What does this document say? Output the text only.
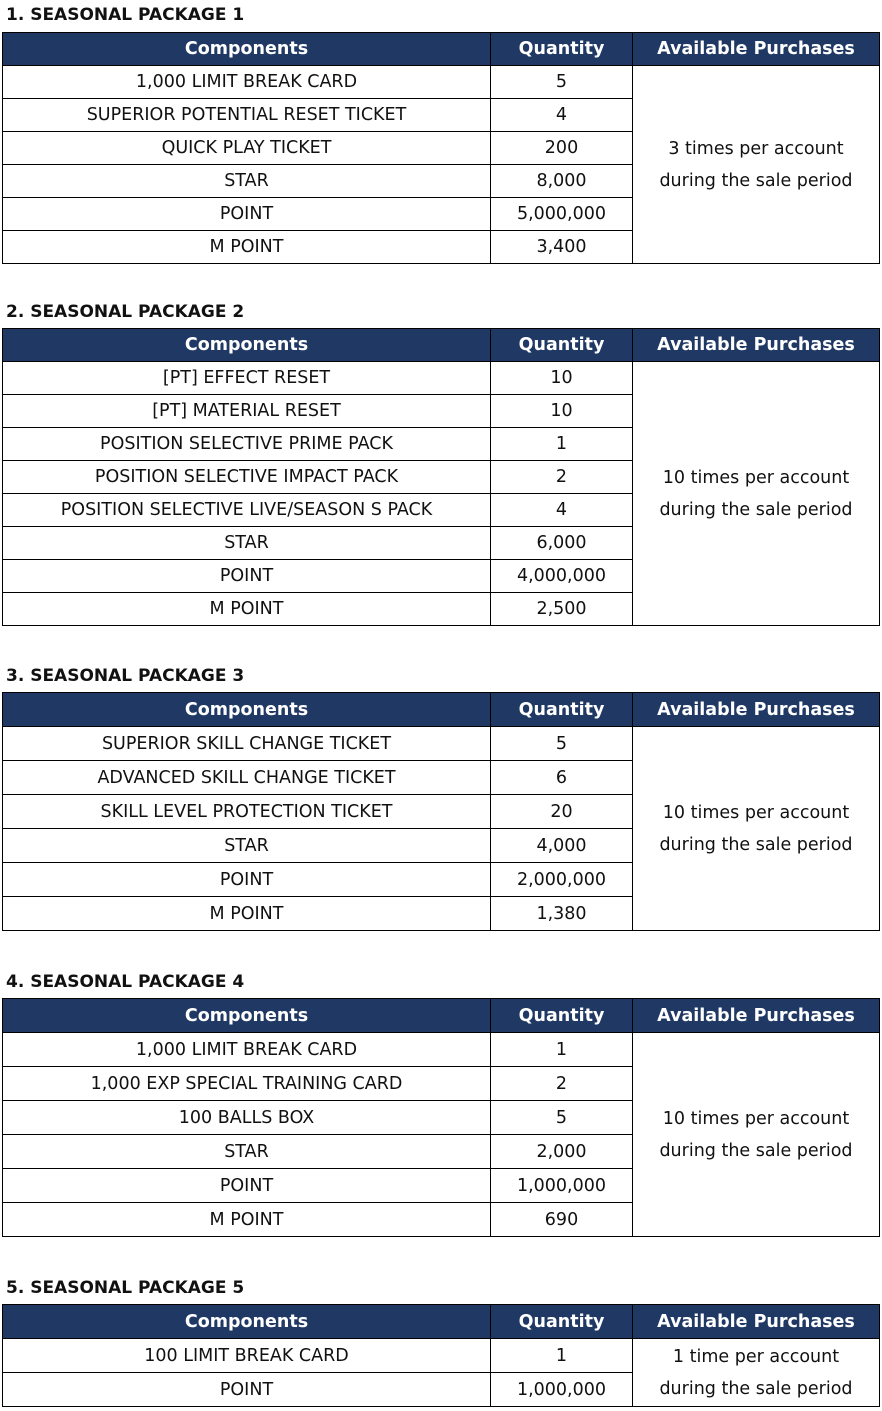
1. SEASONAL PACKAGE 1
Components	Quantity	Available Purchases
1,000 LIMIT BREAK CARD	5	3 times per account
during the sale period

SUPERIOR POTENTIAL RESET TICKET	4	
QUICK PLAY TICKET	200	
STAR	8,000	
POINT	5,000,000	
M POINT	3,400	
2. SEASONAL PACKAGE 2
Components	Quantity	Available Purchases
[PT] EFFECT RESET	10	10 times per account
during the sale period

[PT] MATERIAL RESET	10	
POSITION SELECTIVE PRIME PACK	1	
POSITION SELECTIVE IMPACT PACK	2	
POSITION SELECTIVE LIVE/SEASON S PACK	4	
STAR	6,000	
POINT	4,000,000	
M POINT	2,500	
3. SEASONAL PACKAGE 3
Components	Quantity	Available Purchases
SUPERIOR SKILL CHANGE TICKET	5	10 times per account
during the sale period

ADVANCED SKILL CHANGE TICKET	6	
SKILL LEVEL PROTECTION TICKET	20	
STAR	4,000	
POINT	2,000,000	
M POINT	1,380	
4. SEASONAL PACKAGE 4
Components	Quantity	Available Purchases
1,000 LIMIT BREAK CARD	1	10 times per account
during the sale period

1,000 EXP SPECIAL TRAINING CARD	2	
100 BALLS BOX	5	
STAR	2,000	
POINT	1,000,000	
M POINT	690	
5. SEASONAL PACKAGE 5
Components	Quantity	Available Purchases
100 LIMIT BREAK CARD	1	1 time per account
during the sale period

POINT	1,000,000	
